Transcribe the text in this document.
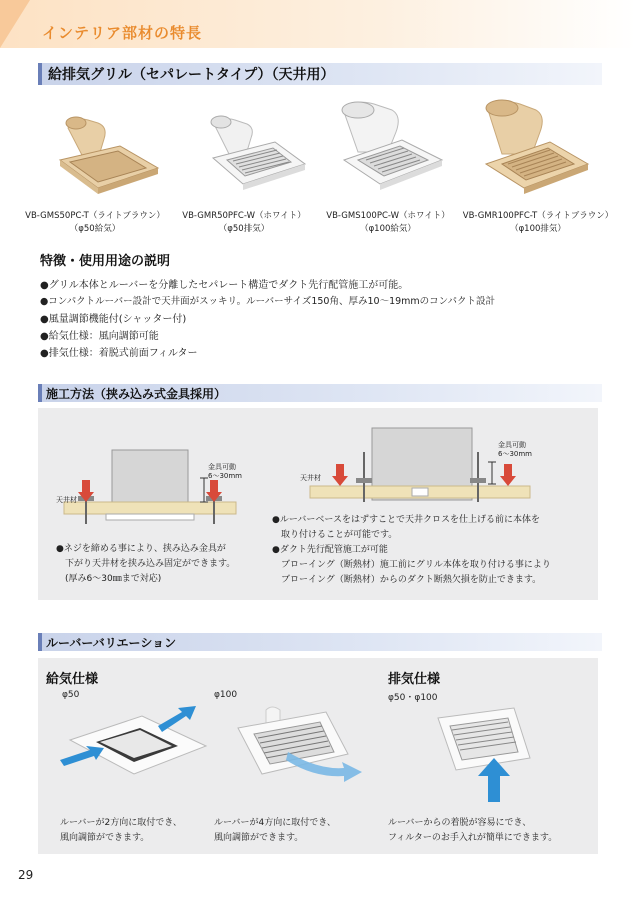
インテリア部材の特長
給排気グリル（セパレートタイプ）（天井用）
VB-GMS50PC-T（ライトブラウン）
（φ50給気）
VB-GMR50PFC-W（ホワイト）
（φ50排気）
VB-GMS100PC-W（ホワイト）
（φ100給気）
VB-GMR100PFC-T（ライトブラウン）
（φ100排気）
特徴・使用用途の説明
●グリル本体とルーバーを分離したセパレート構造でダクト先行配管施工が可能。
●コンパクトルーバー設計で天井面がスッキリ。ルーバーサイズ150角、厚み10〜19mmのコンパクト設計
●風量調節機能付(シャッター付)
●給気仕様：風向調節可能
●排気仕様：着脱式前面フィルター
施工方法（挟み込み式金具採用）
天井材
金具可動
6〜30mm
●ネジを締める事により、挟み込み金具が
　下がり天井材を挟み込み固定ができます。
　(厚み6〜30㎜まで対応)
天井材
金具可動
6〜30mm
●ルーバーベースをはずすことで天井クロスを仕上げる前に本体を
　取り付けることが可能です。
●ダクト先行配管施工が可能
　ブローイング（断熱材）施工前にグリル本体を取り付ける事により
　ブローイング（断熱材）からのダクト断熱欠損を防止できます。
ルーバーバリエーション
給気仕様
φ50	φ100
排気仕様
φ50・φ100
ルーバーが2方向に取付でき、
風向調節ができます。
ルーバーが4方向に取付でき、
風向調節ができます。
ルーバーからの着脱が容易にでき、
フィルターのお手入れが簡単にできます。
29
